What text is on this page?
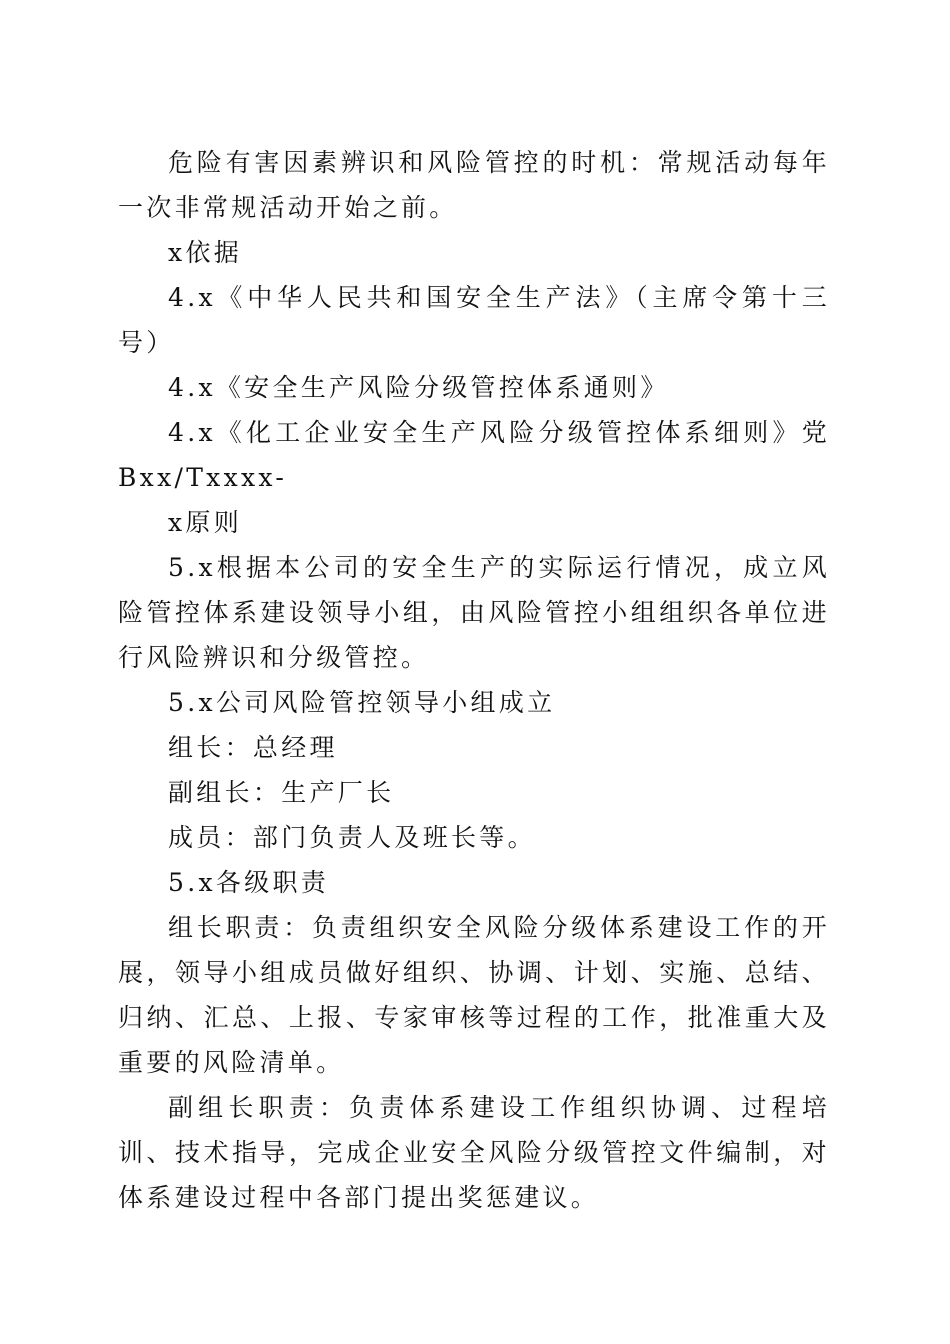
危险有害因素辨识和风险管控的时机：常规活动每年一次非常规活动开始之前。

x依据

4.x《中华人民共和国安全生产法》（主席令第十三号）

4.x《安全生产风险分级管控体系通则》

4.x《化工企业安全生产风险分级管控体系细则》党Bxx/Txxxx-

x原则

5.x根据本公司的安全生产的实际运行情况，成立风险管控体系建设领导小组，由风险管控小组组织各单位进行风险辨识和分级管控。

5.x公司风险管控领导小组成立

组长：总经理

副组长：生产厂长

成员：部门负责人及班长等。

5.x各级职责

组长职责：负责组织安全风险分级体系建设工作的开展，领导小组成员做好组织、协调、计划、实施、总结、归纳、汇总、上报、专家审核等过程的工作，批准重大及重要的风险清单。

副组长职责：负责体系建设工作组织协调、过程培训、技术指导，完成企业安全风险分级管控文件编制，对体系建设过程中各部门提出奖惩建议。
